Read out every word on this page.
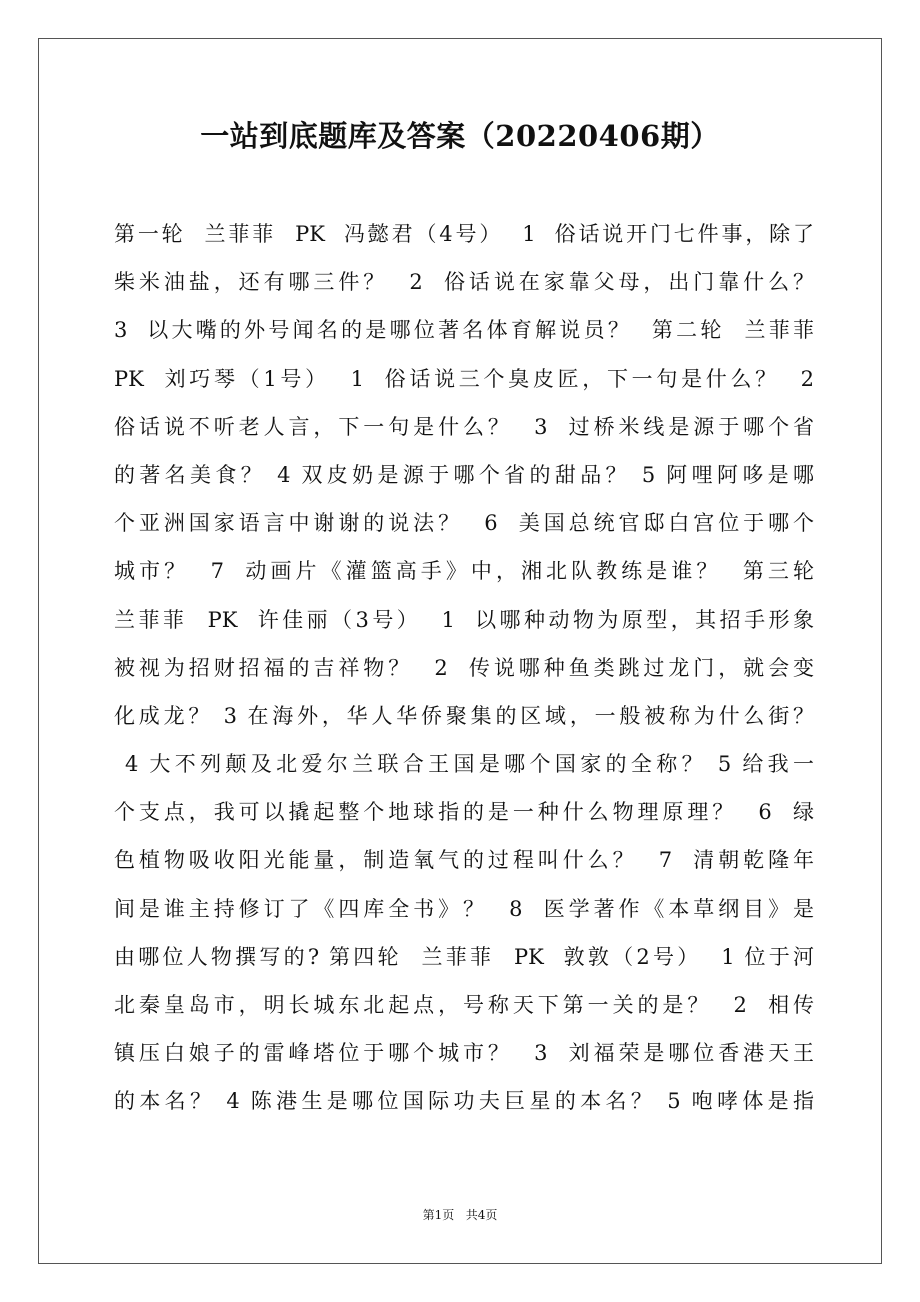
一站到底题库及答案（20220406期）
第一轮  兰菲菲  PK  冯懿君（4号）  1  俗话说开门七件事，除了
柴米油盐，还有哪三件？  2  俗话说在家靠父母，出门靠什么？
3  以大嘴的外号闻名的是哪位著名体育解说员？  第二轮  兰菲菲
PK  刘巧琴（1号）  1  俗话说三个臭皮匠，下一句是什么？  2
俗话说不听老人言，下一句是什么？  3  过桥米线是源于哪个省
的著名美食？ 4 双皮奶是源于哪个省的甜品？ 5 阿哩阿哆是哪
个亚洲国家语言中谢谢的说法？  6  美国总统官邸白宫位于哪个
城市？  7  动画片《灌篮高手》中，湘北队教练是谁？  第三轮
兰菲菲  PK  许佳丽（3号）  1  以哪种动物为原型，其招手形象
被视为招财招福的吉祥物？  2  传说哪种鱼类跳过龙门，就会变
化成龙？ 3 在海外，华人华侨聚集的区域，一般被称为什么街？
4 大不列颠及北爱尔兰联合王国是哪个国家的全称？ 5 给我一
个支点，我可以撬起整个地球指的是一种什么物理原理？  6  绿
色植物吸收阳光能量，制造氧气的过程叫什么？  7  清朝乾隆年
间是谁主持修订了《四库全书》？  8  医学著作《本草纲目》是
由哪位人物撰写的? 第四轮  兰菲菲  PK  敦敦（2号）  1 位于河
北秦皇岛市，明长城东北起点，号称天下第一关的是？  2  相传
镇压白娘子的雷峰塔位于哪个城市？  3  刘福荣是哪位香港天王
的本名？ 4 陈港生是哪位国际功夫巨星的本名？ 5 咆哮体是指
第1页   共4页
